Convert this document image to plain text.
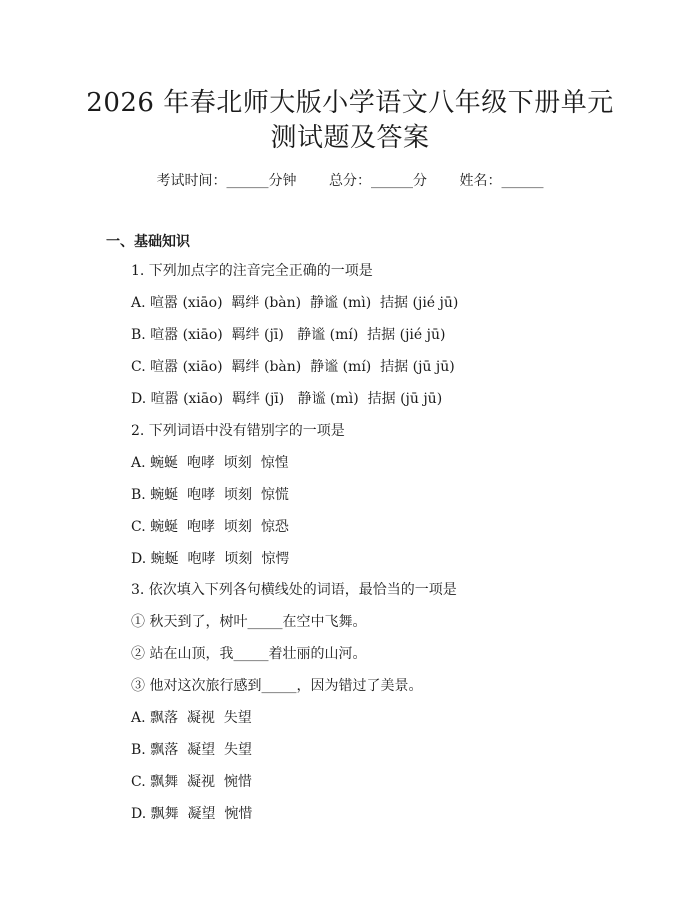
2026 年春北师大版小学语文八年级下册单元
测试题及答案
考试时间：______分钟 总分：______分 姓名：______
一、基础知识
1. 下列加点字的注音完全正确的一项是
A. 喧嚣 (xiāo)  羁绊 (bàn)  静谧 (mì)  拮据 (jié jū)
B. 喧嚣 (xiāo)  羁绊 (jī)   静谧 (mí)  拮据 (jié jū)
C. 喧嚣 (xiāo)  羁绊 (bàn)  静谧 (mí)  拮据 (jū jū)
D. 喧嚣 (xiāo)  羁绊 (jī)   静谧 (mì)  拮据 (jū jū)
2. 下列词语中没有错别字的一项是
A. 蜿蜒  咆哮  顷刻  惊惶
B. 蜿蜒  咆哮  顷刻  惊慌
C. 蜿蜒  咆哮  顷刻  惊恐
D. 蜿蜒  咆哮  顷刻  惊愕
3. 依次填入下列各句横线处的词语，最恰当的一项是
① 秋天到了，树叶_____在空中飞舞。
② 站在山顶，我_____着壮丽的山河。
③ 他对这次旅行感到_____，因为错过了美景。
A. 飘落  凝视  失望
B. 飘落  凝望  失望
C. 飘舞  凝视  惋惜
D. 飘舞  凝望  惋惜
